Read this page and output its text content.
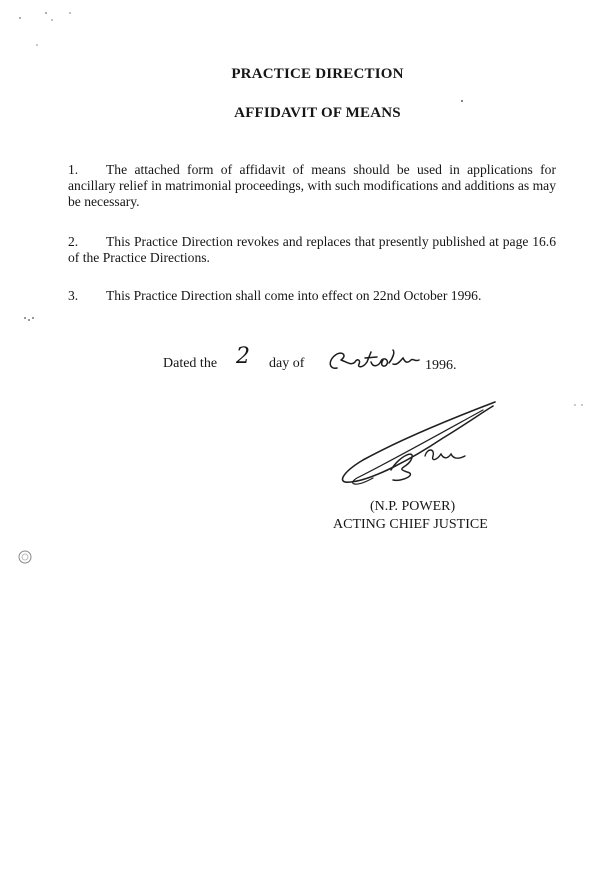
PRACTICE DIRECTION
AFFIDAVIT OF MEANS
1. The attached form of affidavit of means should be used in applications for ancillary relief in matrimonial proceedings, with such modifications and additions as may be necessary.
2. This Practice Direction revokes and replaces that presently published at page 16.6 of the Practice Directions.
3. This Practice Direction shall come into effect on 22nd October 1996.
Dated the 2 day of	1996.
(N.P. POWER)
ACTING CHIEF JUSTICE
